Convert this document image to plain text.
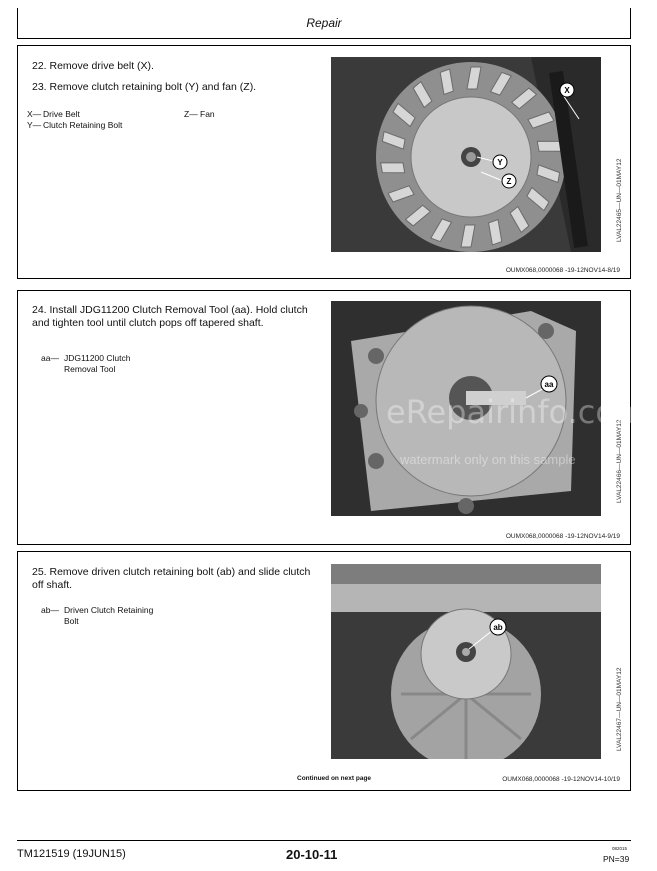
Repair
22. Remove drive belt (X).
23. Remove clutch retaining bolt (Y) and fan (Z).
X— Drive Belt	Z— Fan
Y— Clutch Retaining Bolt
X
Y
Z	LVAL22465—UN—01MAY12
OUMX068,0000068 -19-12NOV14-8/19
24. Install JDG11200 Clutch Removal Tool (aa). Hold clutch and tighten tool until clutch pops off tapered shaft.
aa— JDG11200 Clutch Removal Tool
aa
LVAL22466—UN—01MAY12
OUMX068,0000068 -19-12NOV14-9/19
25. Remove driven clutch retaining bolt (ab) and slide clutch off shaft.
ab— Driven Clutch Retaining Bolt
ab
LVAL22467—UN—01MAY12
OUMX068,0000068 -19-12NOV14-10/19
Continued on next page
eRepairinfo.com
watermark only on this sample
TM121519 (19JUN15)	20-10-11	082015
PN=39
